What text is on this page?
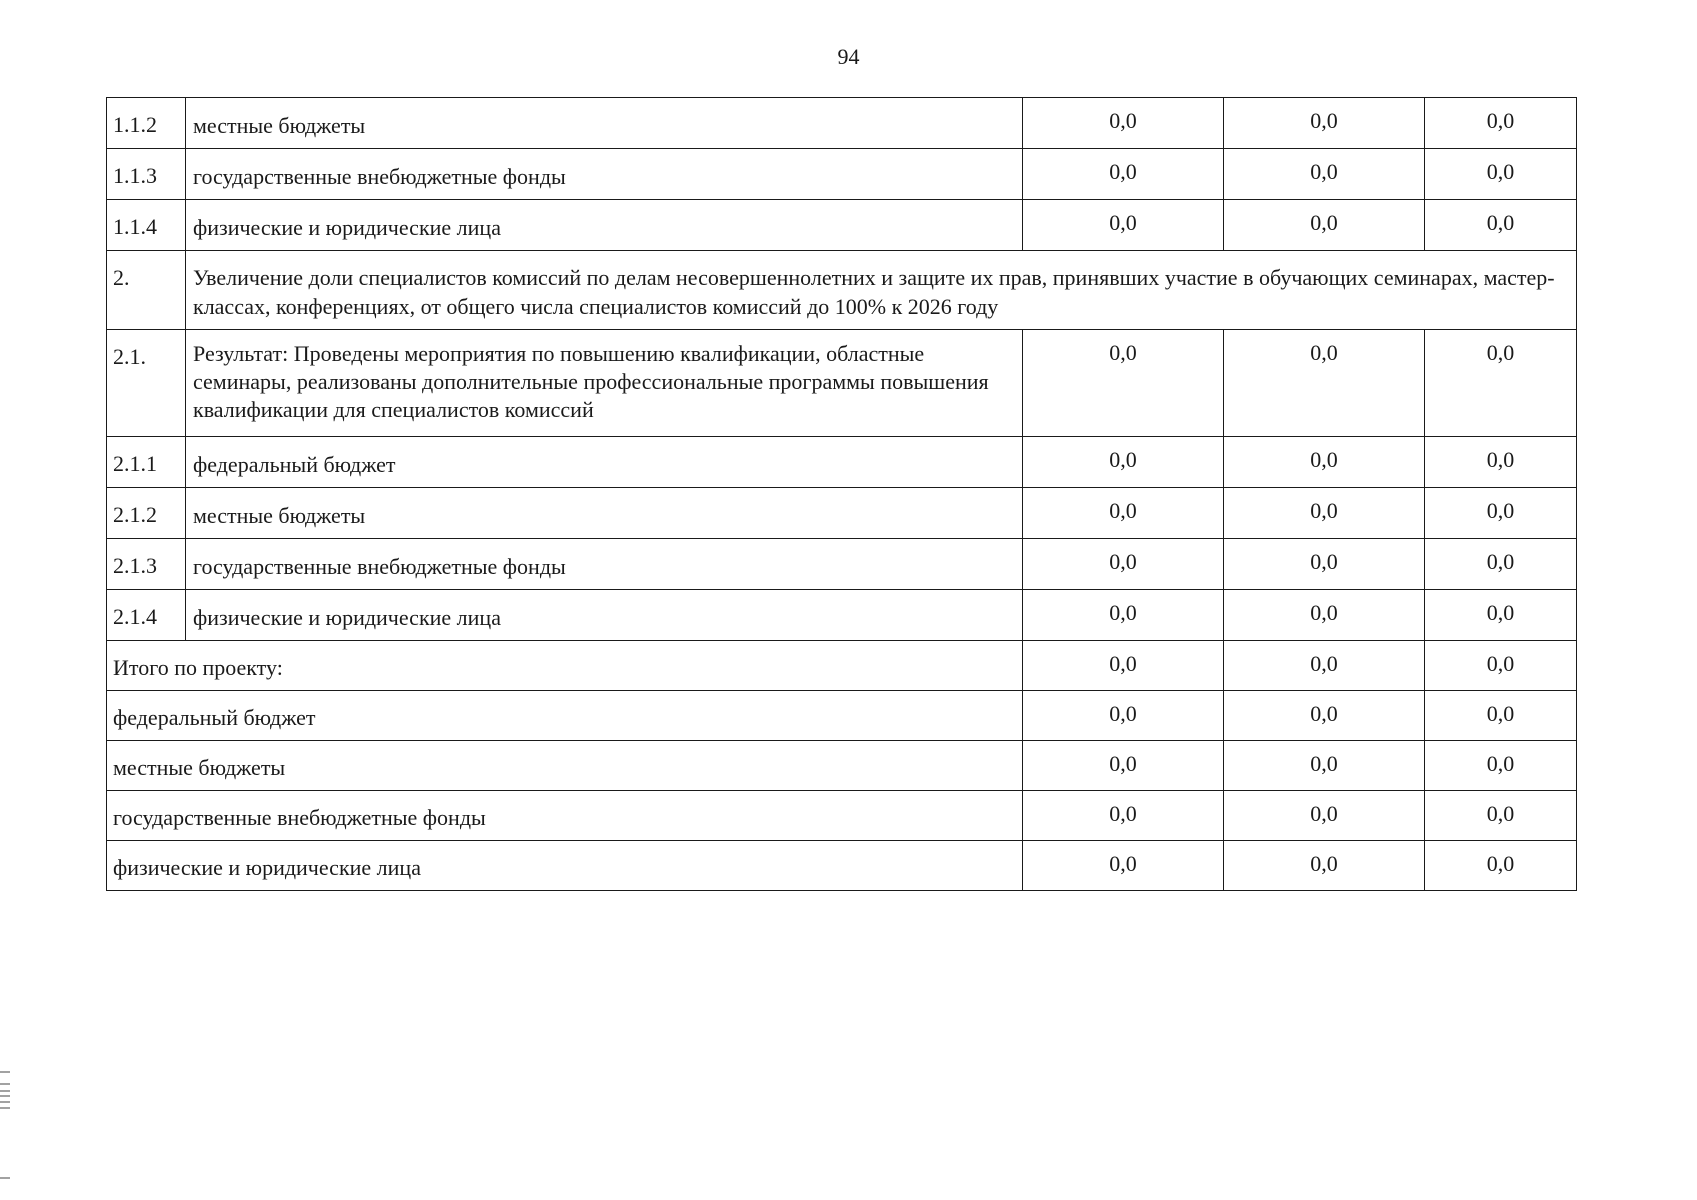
94
1.1.2	местные бюджеты	0,0	0,0	0,0
1.1.3	государственные внебюджетные фонды	0,0	0,0	0,0
1.1.4	физические и юридические лица	0,0	0,0	0,0
2.	Увеличение доли специалистов комиссий по делам несовершеннолетних и защите их прав, принявших участие в обучающих семинарах, мастер-классах, конференциях, от общего числа специалистов комиссий до 100% к 2026 году			
2.1.	Результат: Проведены мероприятия по повышению квалификации, областные семинары, реализованы дополнительные профессиональные программы повышения квалификации для специалистов комиссий	0,0	0,0	0,0
2.1.1	федеральный бюджет	0,0	0,0	0,0
2.1.2	местные бюджеты	0,0	0,0	0,0
2.1.3	государственные внебюджетные фонды	0,0	0,0	0,0
2.1.4	физические и юридические лица	0,0	0,0	0,0
Итого по проекту:		0,0	0,0	0,0
федеральный бюджет		0,0	0,0	0,0
местные бюджеты		0,0	0,0	0,0
государственные внебюджетные фонды		0,0	0,0	0,0
физические и юридические лица		0,0	0,0	0,0
